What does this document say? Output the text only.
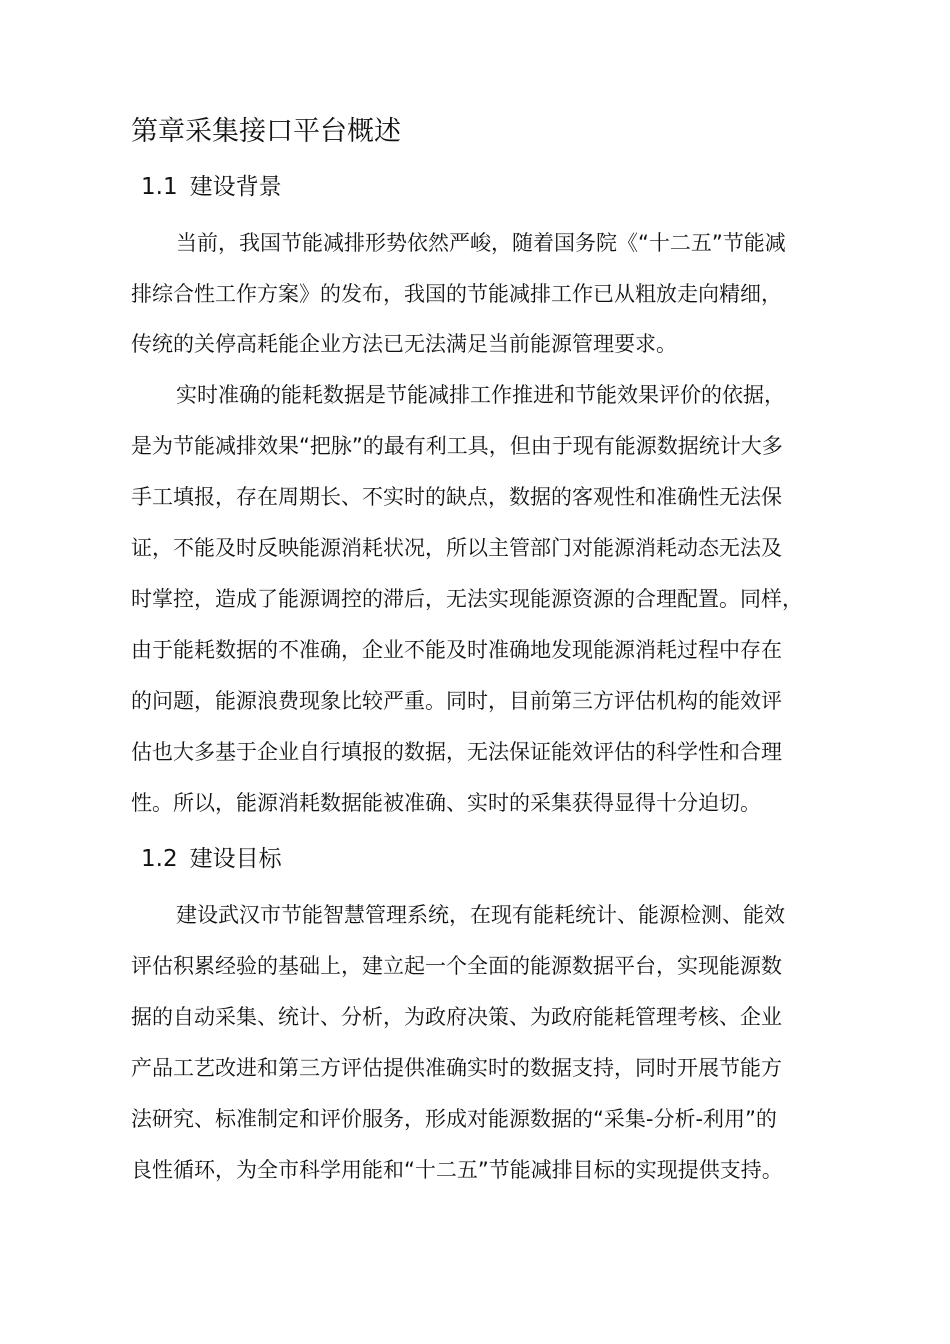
第章采集接口平台概述
1.1 建设背景
当前，我国节能减排形势依然严峻，随着国务院《“十二五”节能减
排综合性工作方案》的发布，我国的节能减排工作已从粗放走向精细，
传统的关停高耗能企业方法已无法满足当前能源管理要求。
实时准确的能耗数据是节能减排工作推进和节能效果评价的依据，
是为节能减排效果“把脉”的最有利工具，但由于现有能源数据统计大多
手工填报，存在周期长、不实时的缺点，数据的客观性和准确性无法保
证，不能及时反映能源消耗状况，所以主管部门对能源消耗动态无法及
时掌控，造成了能源调控的滞后，无法实现能源资源的合理配置。同样，
由于能耗数据的不准确，企业不能及时准确地发现能源消耗过程中存在
的问题，能源浪费现象比较严重。同时，目前第三方评估机构的能效评
估也大多基于企业自行填报的数据，无法保证能效评估的科学性和合理
性。所以，能源消耗数据能被准确、实时的采集获得显得十分迫切。
1.2 建设目标
建设武汉市节能智慧管理系统，在现有能耗统计、能源检测、能效
评估积累经验的基础上，建立起一个全面的能源数据平台，实现能源数
据的自动采集、统计、分析，为政府决策、为政府能耗管理考核、企业
产品工艺改进和第三方评估提供准确实时的数据支持，同时开展节能方
法研究、标准制定和评价服务，形成对能源数据的“采集-分析-利用”的
良性循环，为全市科学用能和“十二五”节能减排目标的实现提供支持。
